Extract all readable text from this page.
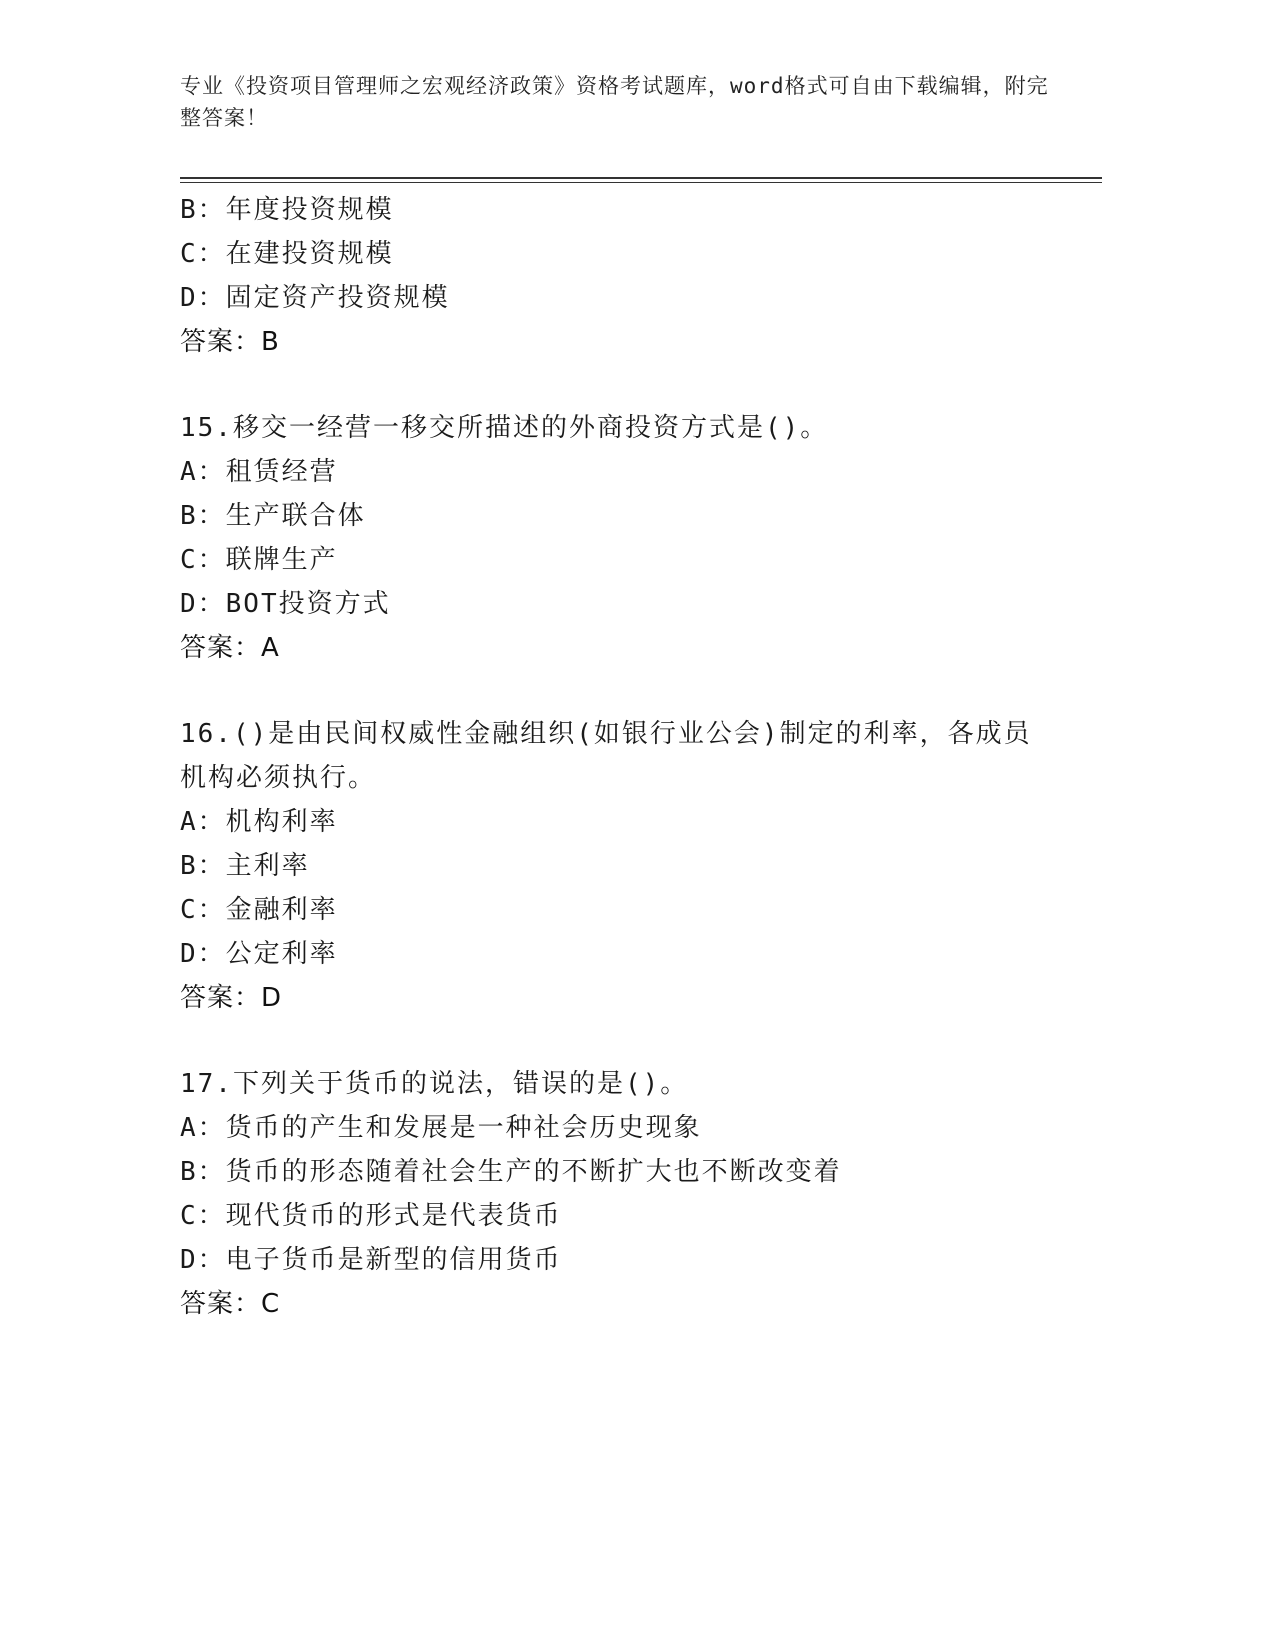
专业《投资项目管理师之宏观经济政策》资格考试题库，word格式可自由下载编辑，附完整答案！
B：年度投资规模
C：在建投资规模
D：固定资产投资规模
答案：B
15.移交一经营一移交所描述的外商投资方式是()。
A：租赁经营
B：生产联合体
C：联牌生产
D：BOT投资方式
答案：A
16.()是由民间权威性金融组织(如银行业公会)制定的利率，各成员机构必须执行。
A：机构利率
B：主利率
C：金融利率
D：公定利率
答案：D
17.下列关于货币的说法，错误的是()。
A：货币的产生和发展是一种社会历史现象
B：货币的形态随着社会生产的不断扩大也不断改变着
C：现代货币的形式是代表货币
D：电子货币是新型的信用货币
答案：C
